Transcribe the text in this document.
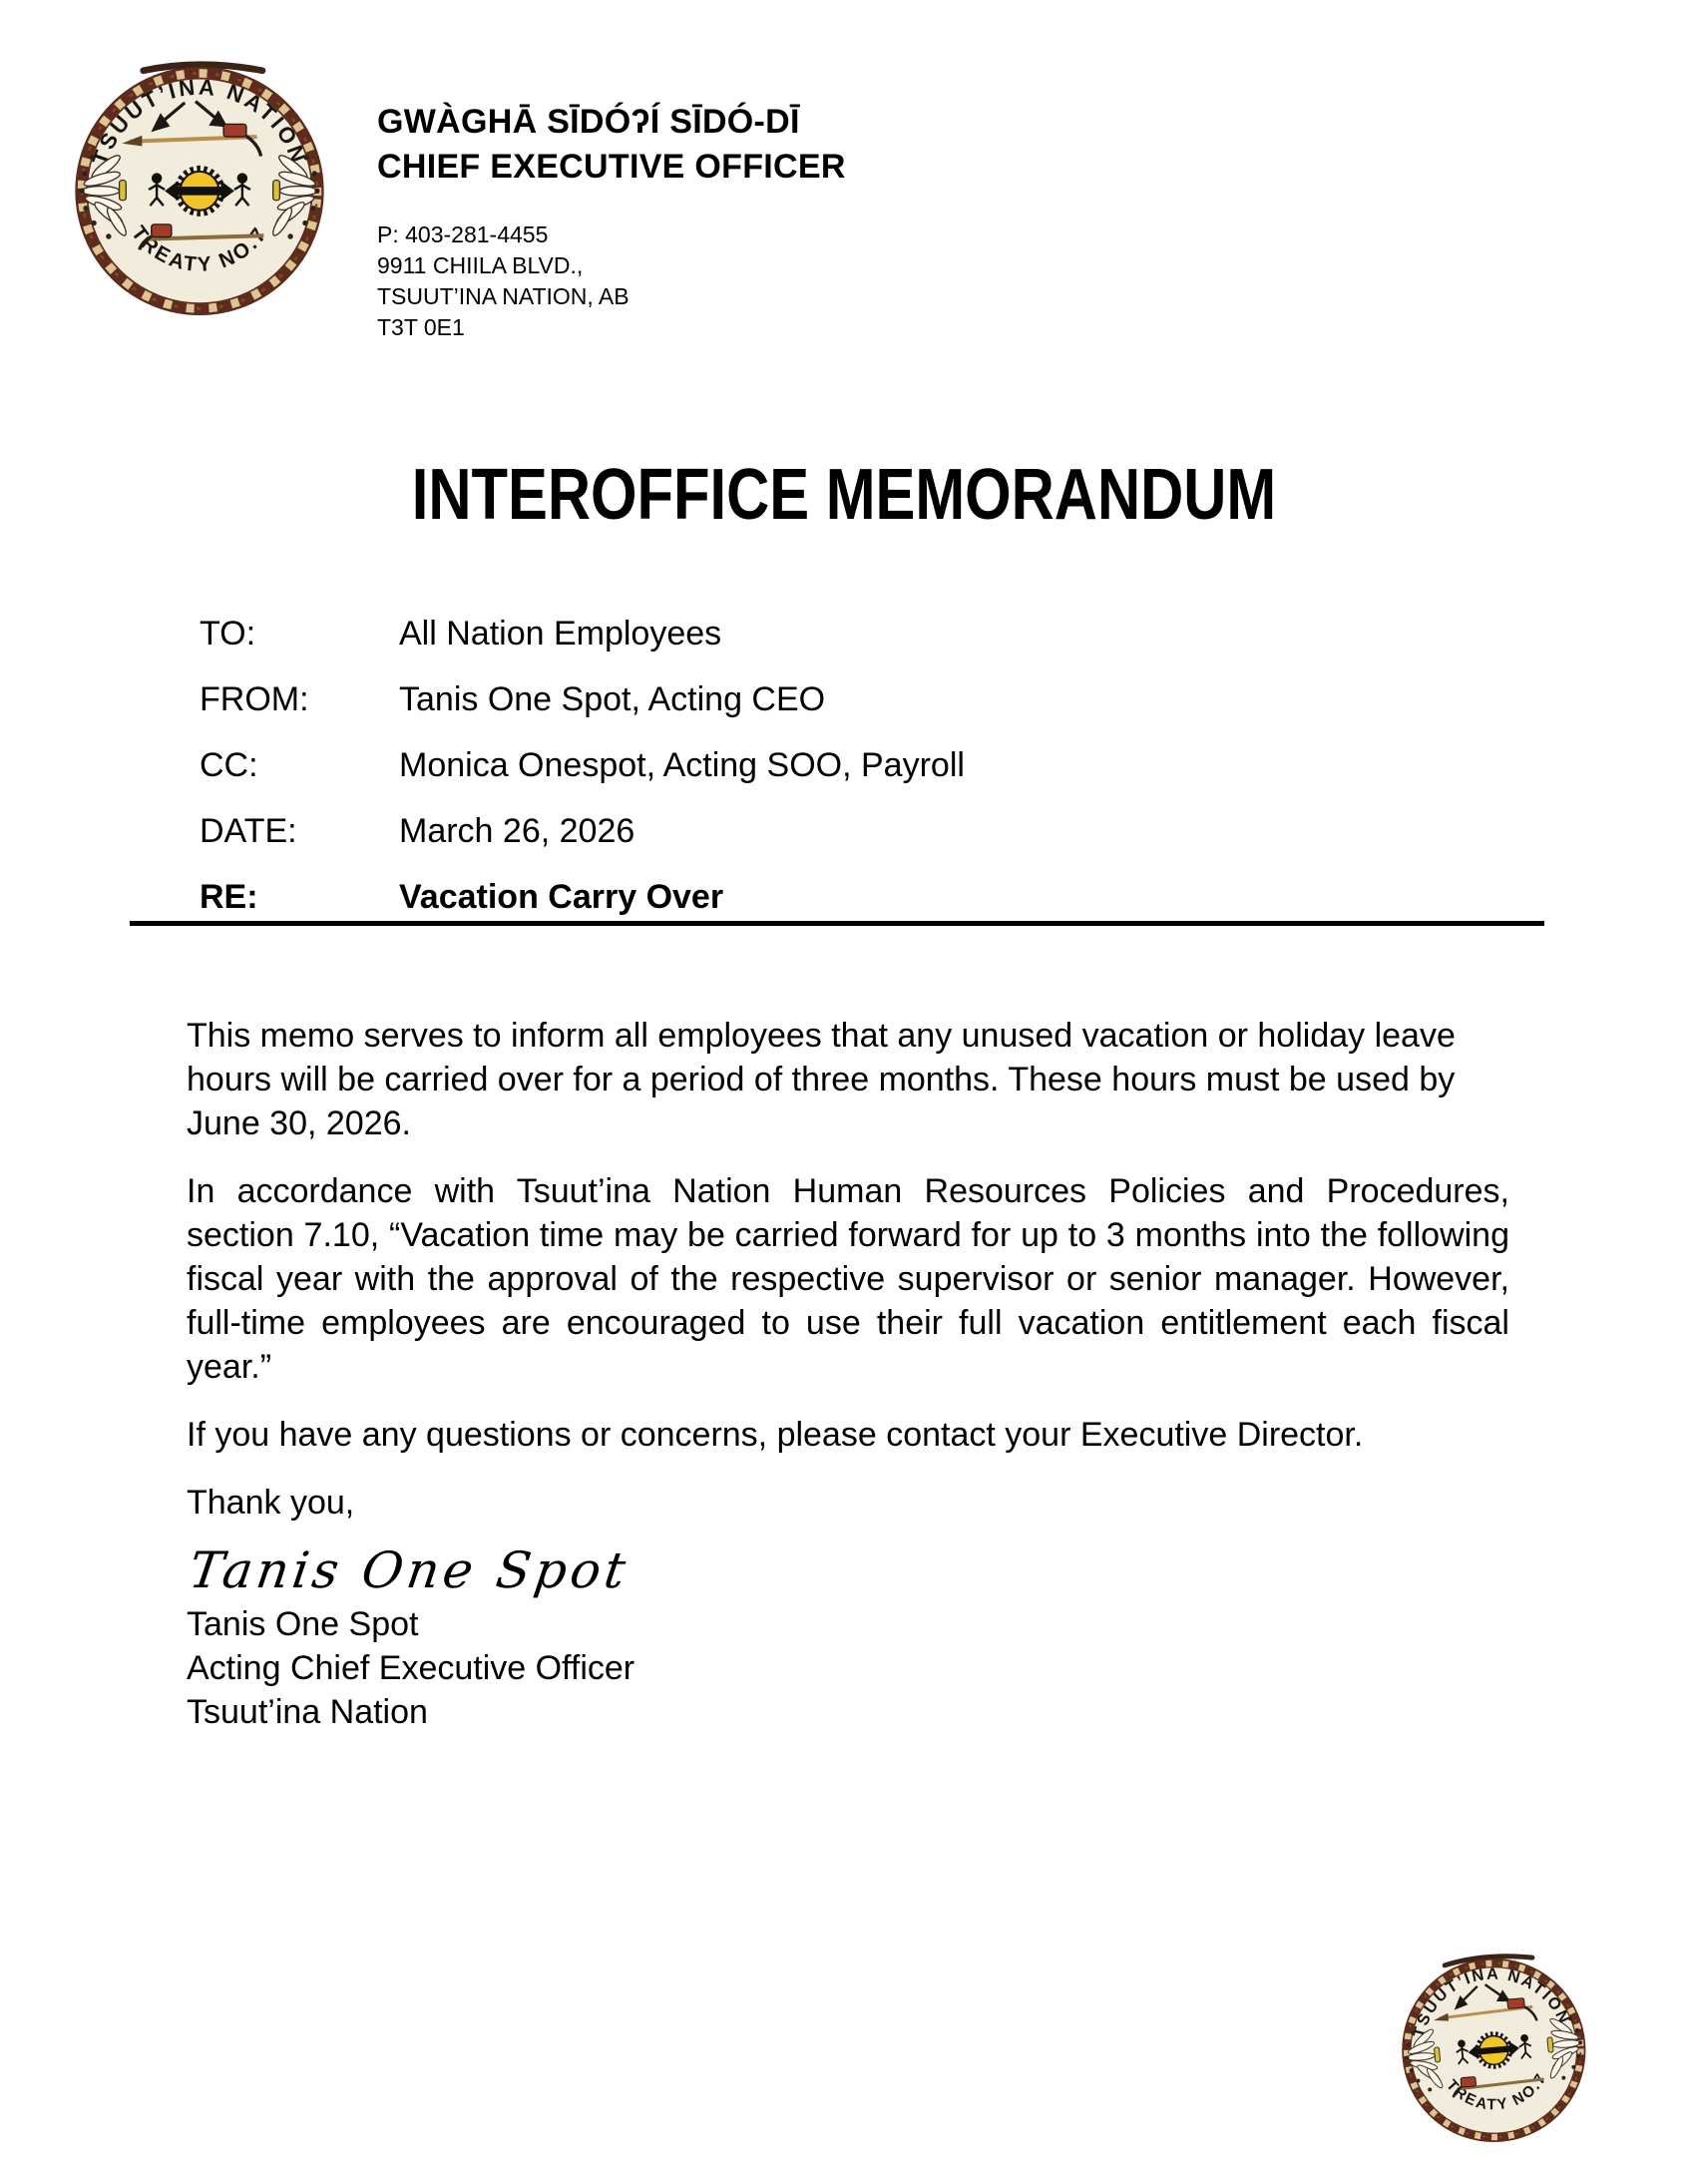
GWÀGHĀ SĪDÓʔÍ SĪDÓ-DĪ
CHIEF EXECUTIVE OFFICER
P: 403-281-4455
9911 CHIILA BLVD.,
TSUUT’INA NATION, AB
T3T 0E1
INTEROFFICE MEMORANDUM
TO:	All Nation Employees
FROM:	Tanis One Spot, Acting CEO
CC:	Monica Onespot, Acting SOO, Payroll
DATE:	March 26, 2026
RE:	Vacation Carry Over

This memo serves to inform all employees that any unused vacation or holiday leave hours will be carried over for a period of three months. These hours must be used by June 30, 2026.

In accordance with Tsuut’ina Nation Human Resources Policies and Procedures, section 7.10, “Vacation time may be carried forward for up to 3 months into the following fiscal year with the approval of the respective supervisor or senior manager. However, full-time employees are encouraged to use their full vacation entitlement each fiscal year.”

If you have any questions or concerns, please contact your Executive Director.

Thank you,

Tanis One Spot
Tanis One Spot
Acting Chief Executive Officer
Tsuut’ina Nation
